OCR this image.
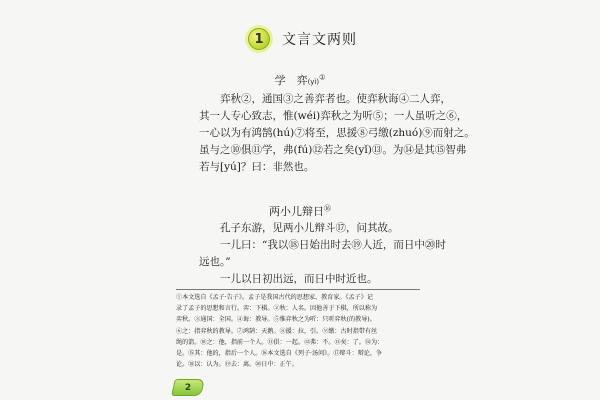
1	文言文两则
学　弈(yì)①

弈秋②，通国③之善弈者也。使弈秋诲④二人弈，

其一人专心致志，惟(wéi)弈秋之为听⑤；一人虽听之⑥，

一心以为有鸿鹄(hú)⑦将至，思援⑧弓缴(zhuó)⑨而射之。

虽与之⑩俱⑪学，弗(fú)⑫若之矣(yǐ)⑬。为⑭是其⑮智弗

若与[yú]？曰：非然也。

两小儿辩日⑯

孔子东游，见两小儿辩斗⑰，问其故。

一儿曰：“我以⑱日始出时去⑲人近，而日中⑳时

远也。”

一儿以日初出远，而日中时近也。

①本文选自《孟子·告子》。孟子是我国古代的思想家、教育家。《孟子》记

录了孟子的思想和言行。弈：下棋。②秋：人名。因他善于下棋，所以称为

弈秋。③通国：全国。④诲：教导。⑤惟弈秋之为听：只听弈秋(的教导)。

⑥之：指弈秋的教导。⑦鸿鹄：天鹅。⑧援：拉，引。⑨缴：古时指带有丝

绳的箭。⑩之：他，指前一个人。⑪俱：一起。⑫弗：不。⑬矣：了。⑭为：

是。⑮其：他的，指后一个人。⑯本文选自《列子·汤问》。⑰辩斗：辩论，争

论。⑱以：认为。⑲去：离。⑳日中：正午。

2
